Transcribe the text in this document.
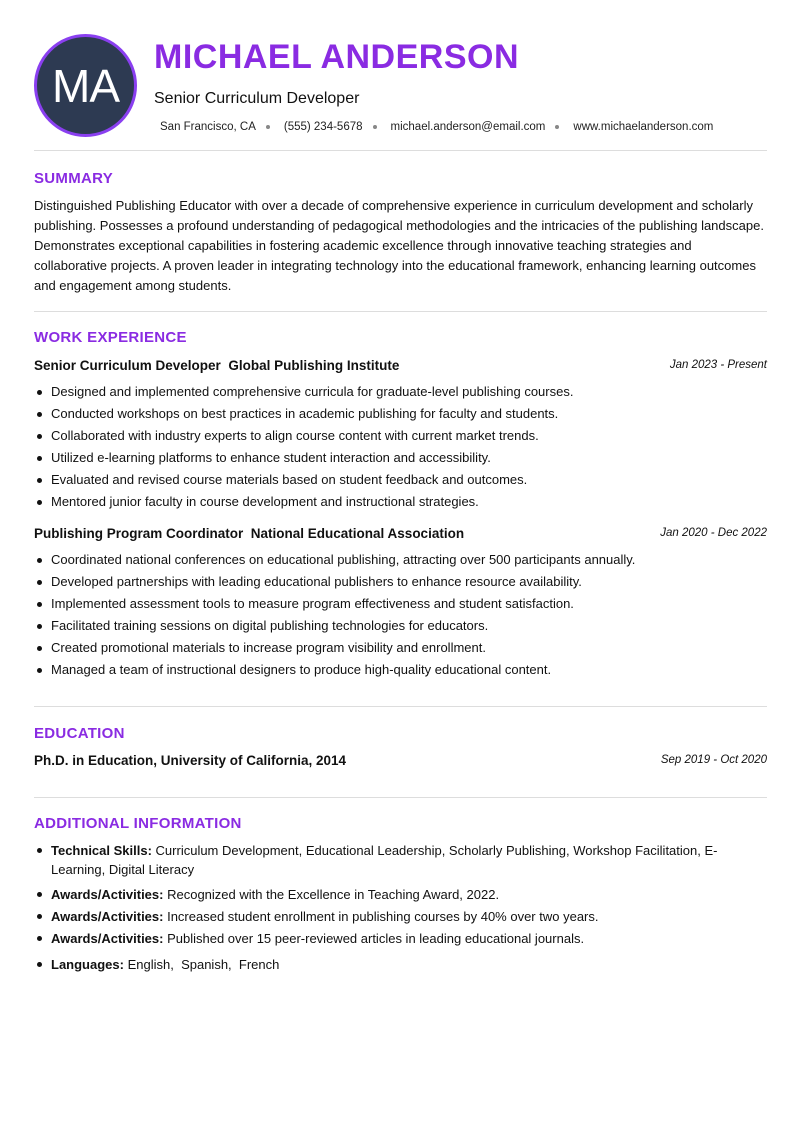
MA
MICHAEL ANDERSON
Senior Curriculum Developer
San Francisco, CA (555) 234-5678 michael.anderson@email.com www.michaelanderson.com
SUMMARY
Distinguished Publishing Educator with over a decade of comprehensive experience in curriculum development and scholarly publishing. Possesses a profound understanding of pedagogical methodologies and the intricacies of the publishing landscape. Demonstrates exceptional capabilities in fostering academic excellence through innovative teaching strategies and collaborative projects. A proven leader in integrating technology into the educational framework, enhancing learning outcomes and engagement among students.
WORK EXPERIENCE
Senior Curriculum Developer Global Publishing Institute	Jan 2023 - Present
Designed and implemented comprehensive curricula for graduate-level publishing courses.
Conducted workshops on best practices in academic publishing for faculty and students.
Collaborated with industry experts to align course content with current market trends.
Utilized e-learning platforms to enhance student interaction and accessibility.
Evaluated and revised course materials based on student feedback and outcomes.
Mentored junior faculty in course development and instructional strategies.
Publishing Program Coordinator National Educational Association	Jan 2020 - Dec 2022
Coordinated national conferences on educational publishing, attracting over 500 participants annually.
Developed partnerships with leading educational publishers to enhance resource availability.
Implemented assessment tools to measure program effectiveness and student satisfaction.
Facilitated training sessions on digital publishing technologies for educators.
Created promotional materials to increase program visibility and enrollment.
Managed a team of instructional designers to produce high-quality educational content.
EDUCATION
Ph.D. in Education, University of California, 2014	Sep 2019 - Oct 2020
ADDITIONAL INFORMATION
Technical Skills: Curriculum Development, Educational Leadership, Scholarly Publishing, Workshop Facilitation, E-Learning, Digital Literacy
Awards/Activities: Recognized with the Excellence in Teaching Award, 2022.
Awards/Activities: Increased student enrollment in publishing courses by 40% over two years.
Awards/Activities: Published over 15 peer-reviewed articles in leading educational journals.
Languages: English,  Spanish,  French
